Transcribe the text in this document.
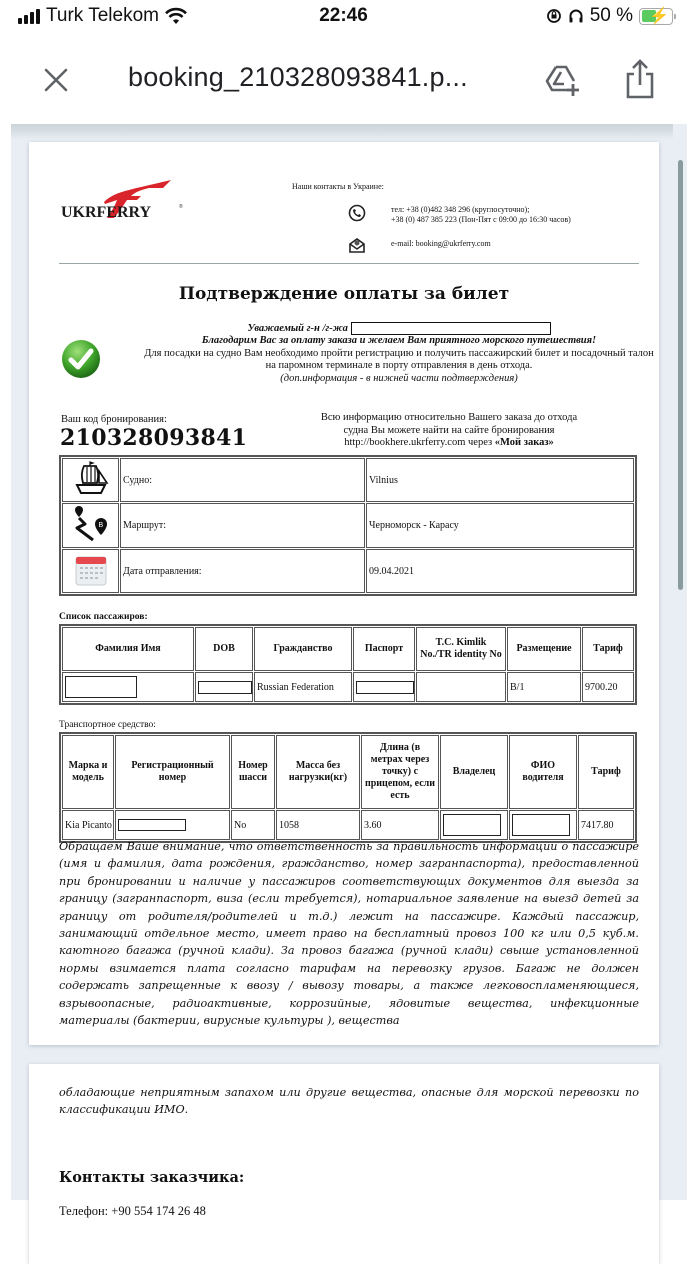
Turk Telekom	22:46	50 % ⚡
booking_210328093841.p...
UKRFERRY	®
Наши контакты в Украине:
тел: +38 (0)482 348 296 (круглосуточно);
+38 (0) 487 385 223 (Пон-Пят с 09:00 до 16:30 часов)
e-mail: booking@ukrferry.com
Подтверждение оплаты за билет
Уважаемый г-н /г-жа
Благодарим Вас за оплату заказа и желаем Вам приятного морского путешествия!
Для посадки на судно Вам необходимо пройти регистрацию и получить пассажирский билет и посадочный талон на паромном терминале в порту отправления в день отхода.
(доп.информация - в нижней части подтверждения)
Ваш код бронирования:
210328093841
Всю информацию относительно Вашего заказа до отхода
судна Вы можете найти на сайте бронирования
http://bookhere.ukrferry.com через «Мой заказ»
	Судно:	Vilnius

B	Маршрут:	Черноморск - Карасу
	Дата отправления:	09.04.2021
Список пассажиров:
Фамилия Имя	DOB	Гражданство	Паспорт	T.C. Kimlik No./TR identity No	Размещение	Тариф
		Russian Federation			B/1	9700.20
Транспортное средство:
Марка и модель	Регистрационный номер	Номер шасси	Масса без нагрузки(кг)	Длина (в метрах через точку) с прицепом, если есть	Владелец	ФИО водителя	Тариф
Kia Picanto		No	1058	3.60			7417.80
Обращаем Ваше внимание, что ответственность за правильность информации о пассажире (имя и фамилия, дата рождения, гражданство, номер загранпаспорта), предоставленной при бронировании и наличие у пассажиров соответствующих документов для выезда за границу (загранпаспорт, виза (если требуется), нотариальное заявление на выезд детей за границу от родителя/родителей и т.д.) лежит на пассажире. Каждый пассажир, занимающий отдельное место, имеет право на бесплатный провоз 100 кг или 0,5 куб.м. каютного багажа (ручной клади). За провоз багажа (ручной клади) свыше установленной нормы взимается плата согласно тарифам на перевозку грузов. Багаж не должен содержать запрещенные к ввозу / вывозу товары, а также легковоспламеняющиеся, взрывоопасные, радиоактивные, коррозийные, ядовитые вещества, инфекционные материалы (бактерии, вирусные культуры ), вещества
обладающие неприятным запахом или другие вещества, опасные для морской перевозки по классификации ИМО.
Контакты заказчика:
Телефон: +90 554 174 26 48
